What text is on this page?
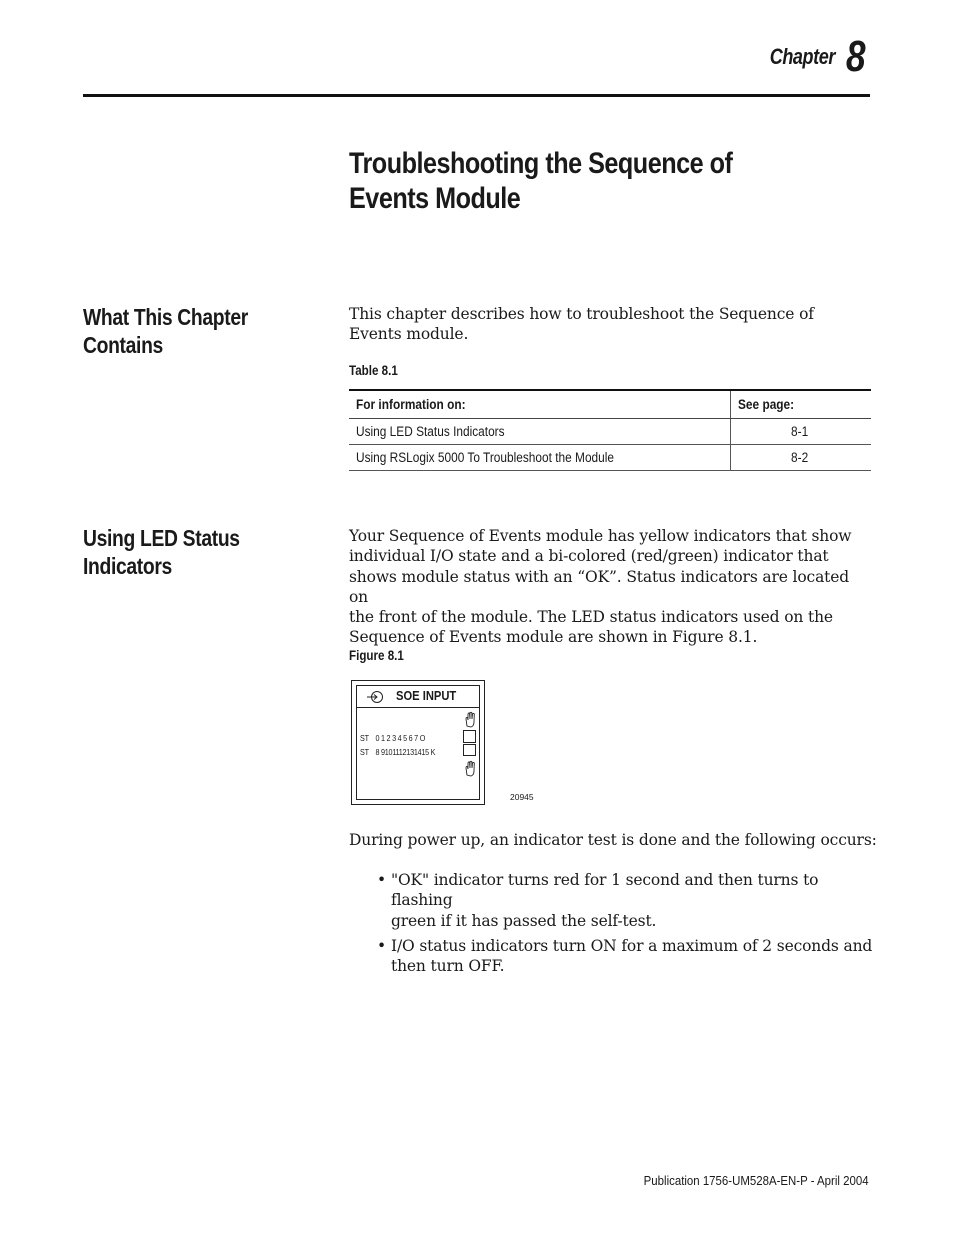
Chapter 8
Troubleshooting the Sequence of
Events Module
What This Chapter
Contains
This chapter describes how to troubleshoot the Sequence of
Events module.
Table 8.1
For information on:	See page:
Using LED Status Indicators	8-1
Using RSLogix 5000 To Troubleshoot the Module	8-2
Using LED Status
Indicators
Your Sequence of Events module has yellow indicators that show
individual I/O state and a bi-colored (red/green) indicator that
shows module status with an “OK”. Status indicators are located on
the front of the module. The LED status indicators used on the
Sequence of Events module are shown in Figure 8.1.
Figure 8.1
SOE INPUT
ST 0 1 2 3 4 5 6 7 O
ST 8 9101112131415 K
20945
During power up, an indicator test is done and the following occurs:
• "OK" indicator turns red for 1 second and then turns to flashing
green if it has passed the self-test.
• I/O status indicators turn ON for a maximum of 2 seconds and
then turn OFF.
Publication 1756-UM528A-EN-P - April 2004
